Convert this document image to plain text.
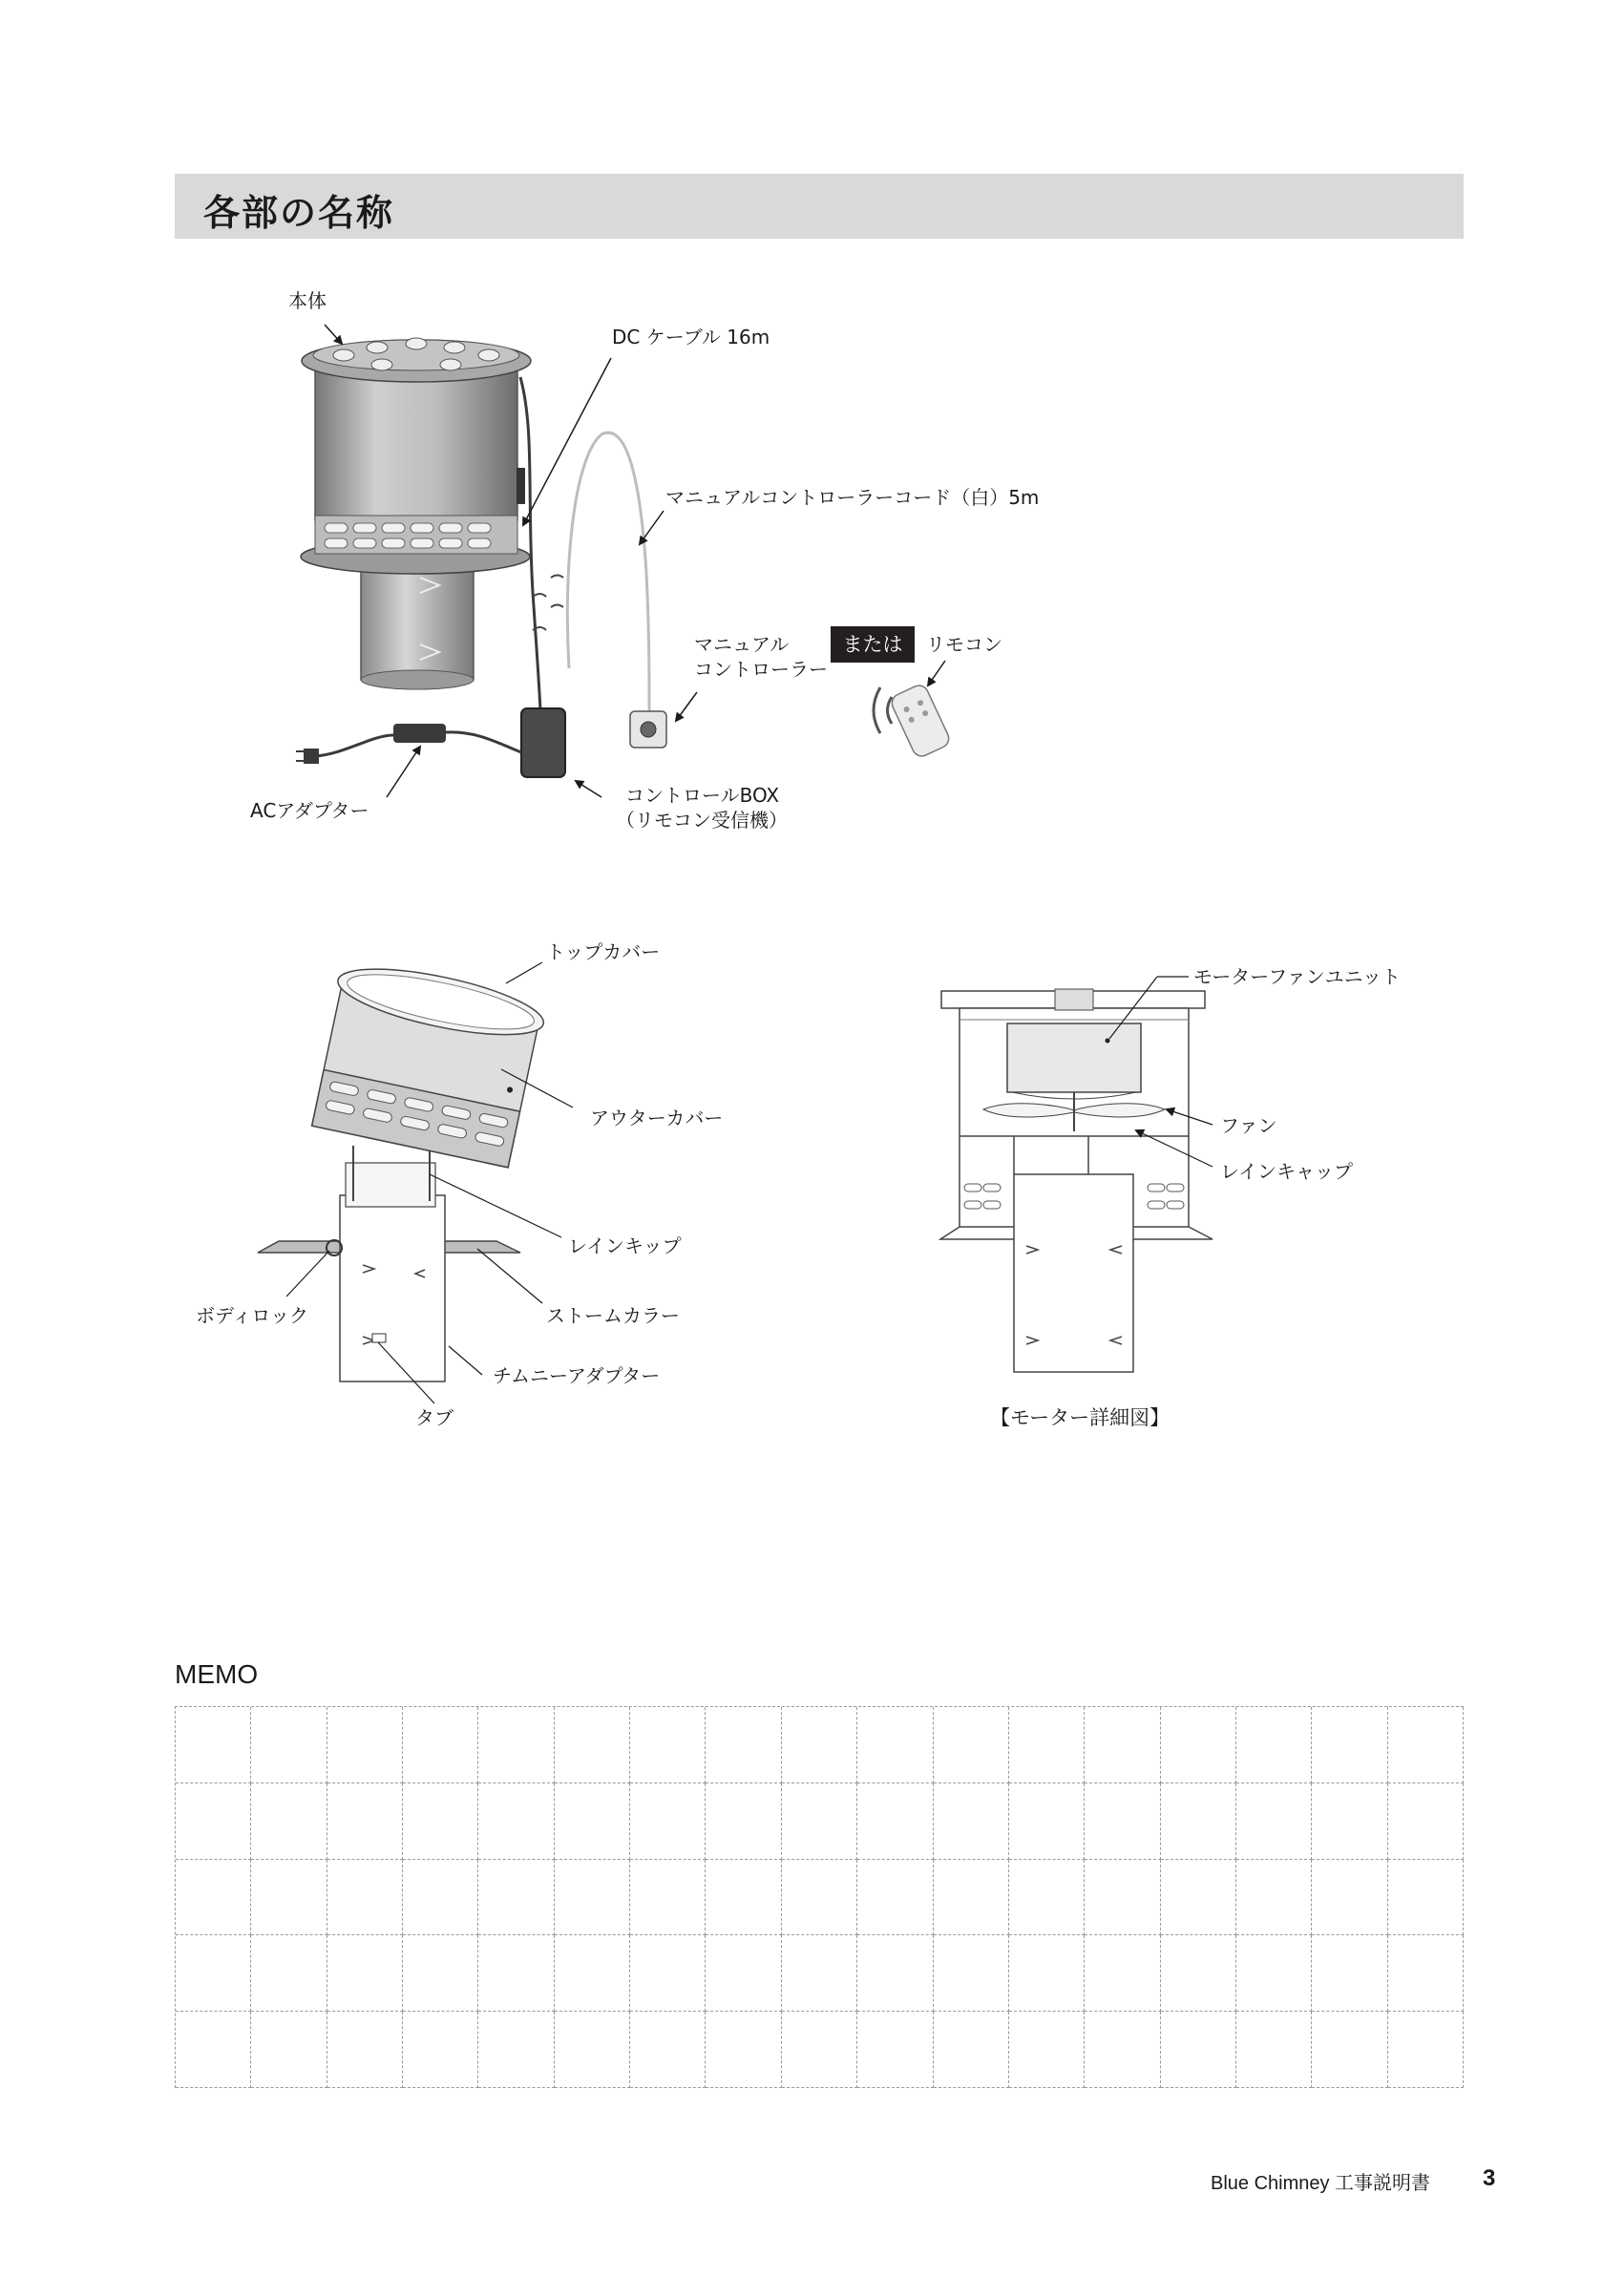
各部の名称
本体
DC ケーブル 16m
マニュアルコントローラーコード（白）5m
マニュアル
コントローラー
または	リモコン
ACアダプター
コントロールBOX
（リモコン受信機）
トップカバー
アウターカバー
レインキップ
ボディロック	ストームカラー
チムニーアダプター
タブ
モーターファンユニット
ファン
レインキャップ
【モーター詳細図】
MEMO
Blue Chimney 工事説明書 3
